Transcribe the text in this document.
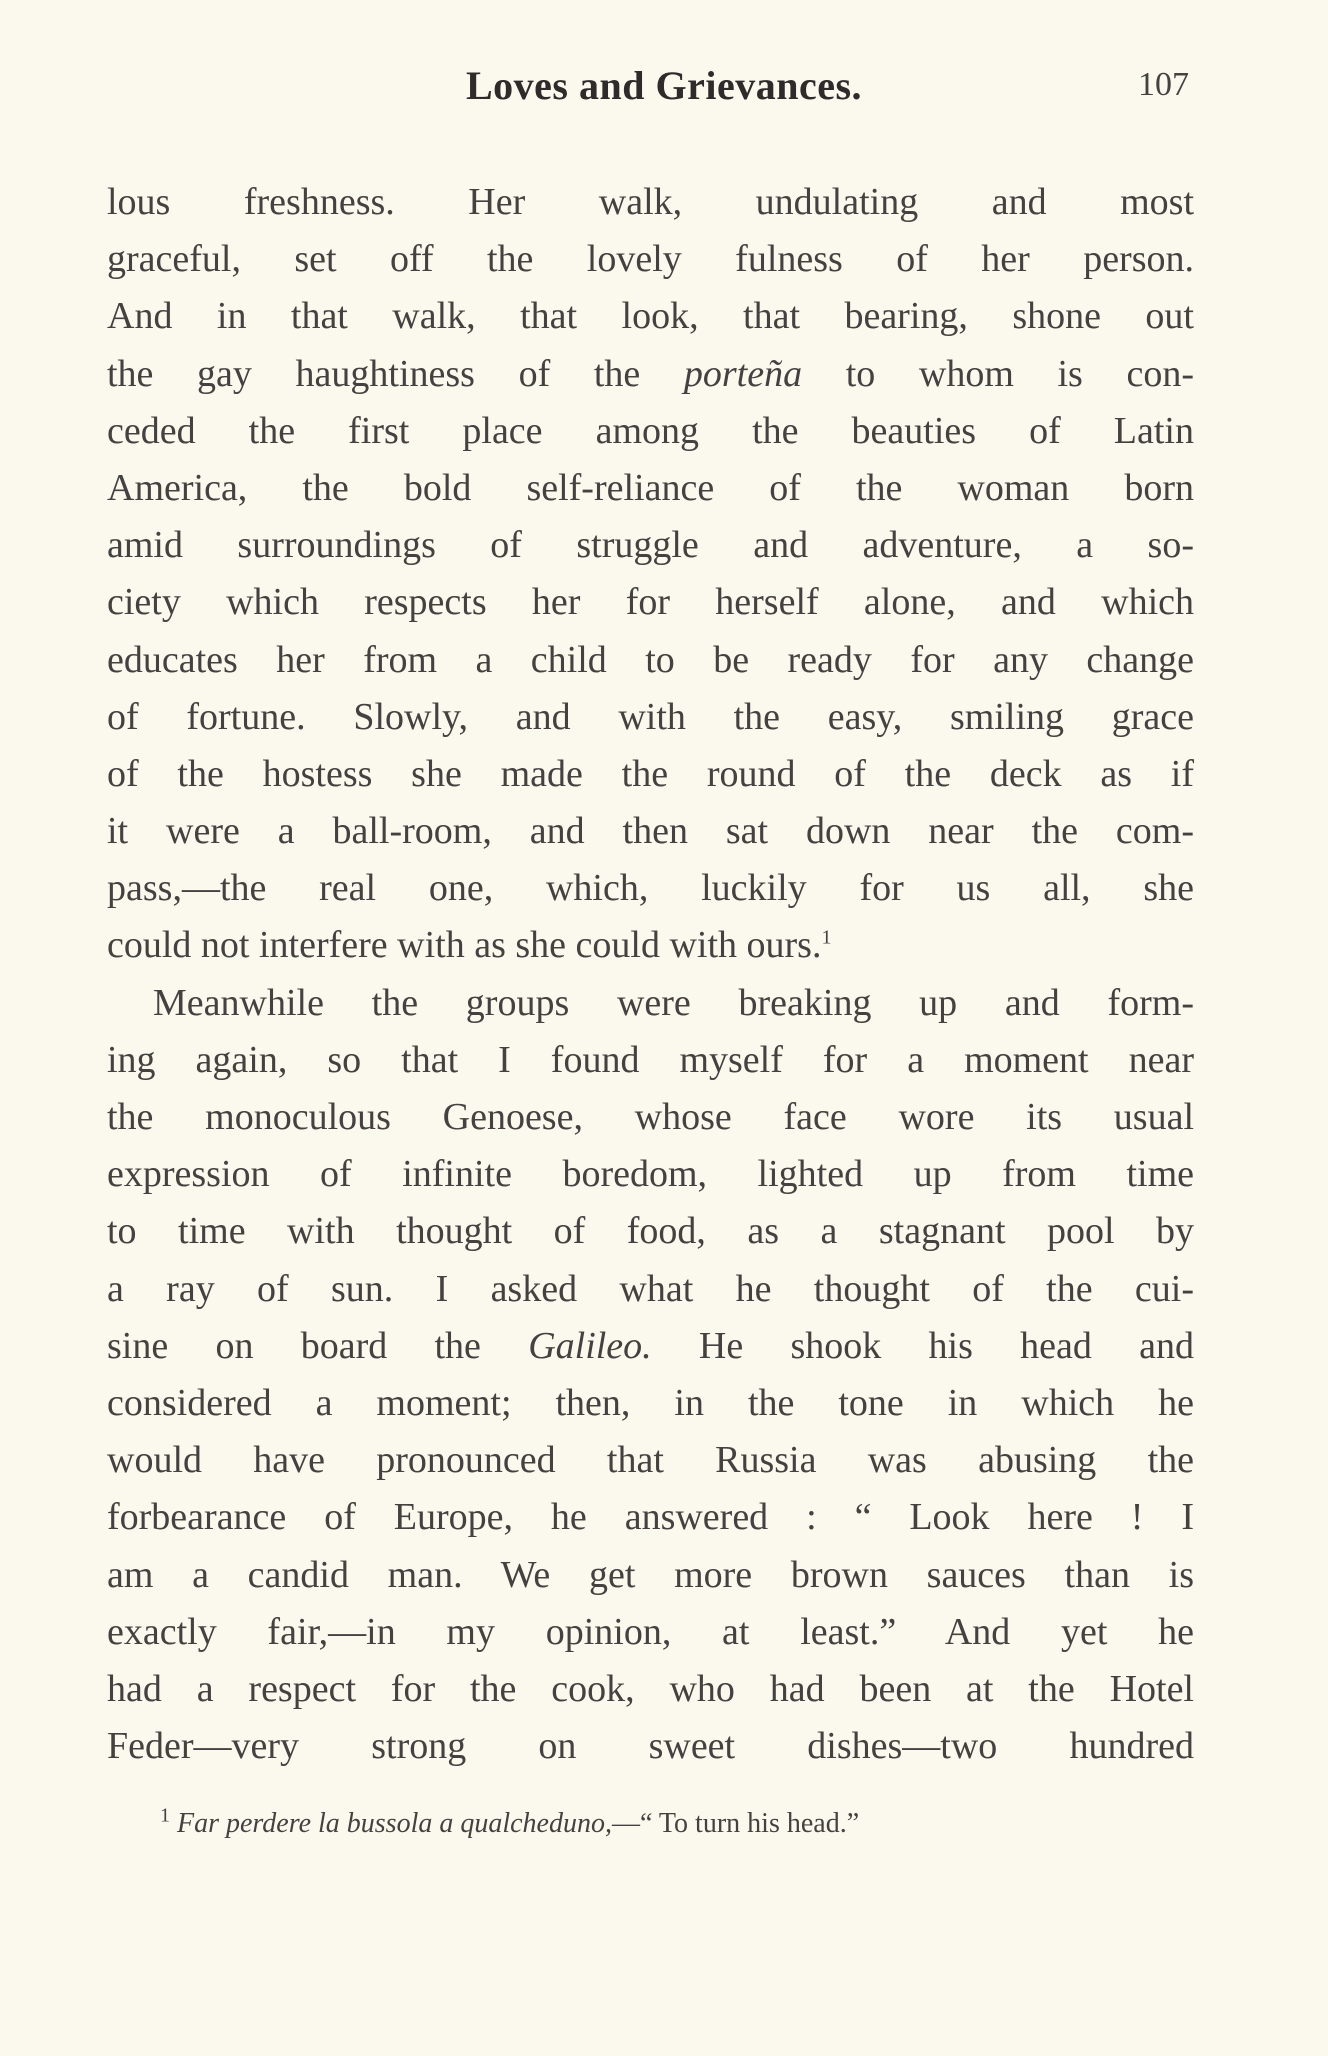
Loves and Grievances.	107
lous freshness. Her walk, undulating and most
graceful, set off the lovely fulness of her person.
And in that walk, that look, that bearing, shone out
the gay haughtiness of the porteña to whom is con-
ceded the first place among the beauties of Latin
America, the bold self-reliance of the woman born
amid surroundings of struggle and adventure, a so-
ciety which respects her for herself alone, and which
educates her from a child to be ready for any change
of fortune. Slowly, and with the easy, smiling grace
of the hostess she made the round of the deck as if
it were a ball-room, and then sat down near the com-
pass,—the real one, which, luckily for us all, she
could not interfere with as she could with ours.$^1$
Meanwhile the groups were breaking up and form-
ing again, so that I found myself for a moment near
the monoculous Genoese, whose face wore its usual
expression of infinite boredom, lighted up from time
to time with thought of food, as a stagnant pool by
a ray of sun. I asked what he thought of the cui-
sine on board the Galileo. He shook his head and
considered a moment; then, in the tone in which he
would have pronounced that Russia was abusing the
forbearance of Europe, he answered : “ Look here ! I
am a candid man. We get more brown sauces than is
exactly fair,—in my opinion, at least.” And yet he
had a respect for the cook, who had been at the Hotel
Feder—very strong on sweet dishes—two hundred
$^1$ Far perdere la bussola a qualcheduno,—“ To turn his head.”
